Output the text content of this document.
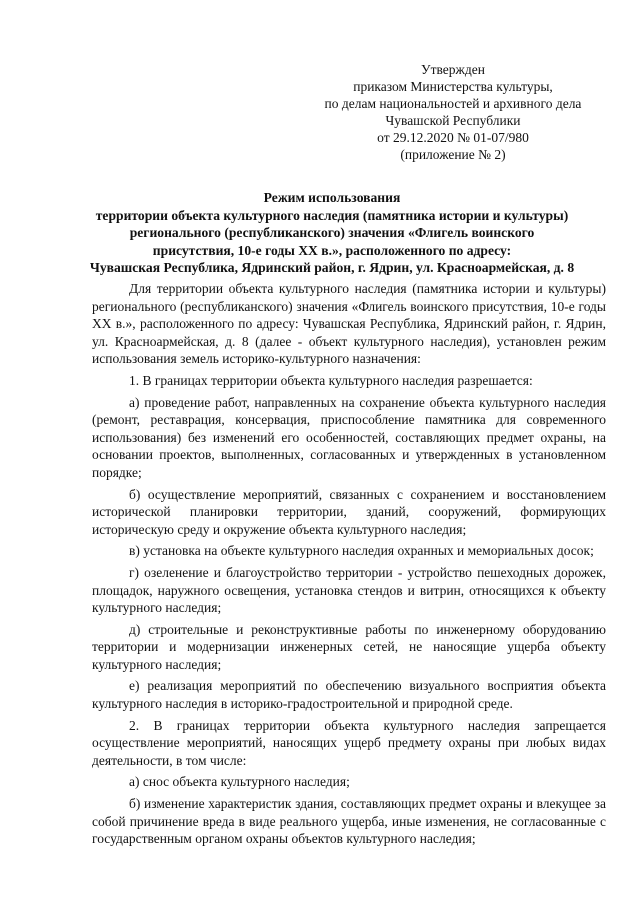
Утвержден
приказом Министерства культуры,
по делам национальностей и архивного дела
Чувашской Республики
от 29.12.2020 № 01-07/980
(приложение № 2)
Режим использования
территории объекта культурного наследия (памятника истории и культуры)
регионального (республиканского) значения «Флигель воинского
присутствия, 10-е годы XX в.», расположенного по адресу:
Чувашская Республика, Ядринский район, г. Ядрин, ул. Красноармейская, д. 8

Для территории объекта культурного наследия (памятника истории и культуры) регионального (республиканского) значения «Флигель воинского присутствия, 10-е годы XX в.», расположенного по адресу: Чувашская Республика, Ядринский район, г. Ядрин, ул. Красноармейская, д. 8 (далее - объект культурного наследия), установлен режим использования земель историко-культурного назначения:

1. В границах территории объекта культурного наследия разрешается:

а) проведение работ, направленных на сохранение объекта культурного наследия (ремонт, реставрация, консервация, приспособление памятника для современного использования) без изменений его особенностей, составляющих предмет охраны, на основании проектов, выполненных, согласованных и утвержденных в установленном порядке;

б) осуществление мероприятий, связанных с сохранением и восстановлением исторической планировки территории, зданий, сооружений, формирующих историческую среду и окружение объекта культурного наследия;

в) установка на объекте культурного наследия охранных и мемориальных досок;

г) озеленение и благоустройство территории - устройство пешеходных дорожек, площадок, наружного освещения, установка стендов и витрин, относящихся к объекту культурного наследия;

д) строительные и реконструктивные работы по инженерному оборудованию территории и модернизации инженерных сетей, не наносящие ущерба объекту культурного наследия;

е) реализация мероприятий по обеспечению визуального восприятия объекта культурного наследия в историко-градостроительной и природной среде.

2. В границах территории объекта культурного наследия запрещается осуществление мероприятий, наносящих ущерб предмету охраны при любых видах деятельности, в том числе:

а) снос объекта культурного наследия;

б) изменение характеристик здания, составляющих предмет охраны и влекущее за собой причинение вреда в виде реального ущерба, иные изменения, не согласованные с государственным органом охраны объектов культурного наследия;
